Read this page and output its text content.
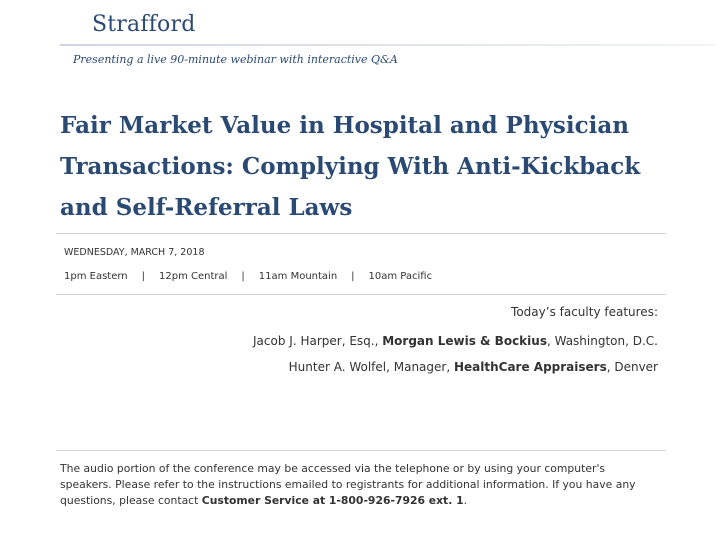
Strafford
Presenting a live 90-minute webinar with interactive Q&A
Fair Market Value in Hospital and Physician
Transactions: Complying With Anti-Kickback
and Self-Referral Laws
WEDNESDAY, MARCH 7, 2018
1pm Eastern | 12pm Central | 11am Mountain | 10am Pacific
Today’s faculty features:
Jacob J. Harper, Esq., Morgan Lewis & Bockius, Washington, D.C.
Hunter A. Wolfel, Manager, HealthCare Appraisers, Denver
The audio portion of the conference may be accessed via the telephone or by using your computer's speakers. Please refer to the instructions emailed to registrants for additional information. If you have any questions, please contact Customer Service at 1-800-926-7926 ext. 1.
